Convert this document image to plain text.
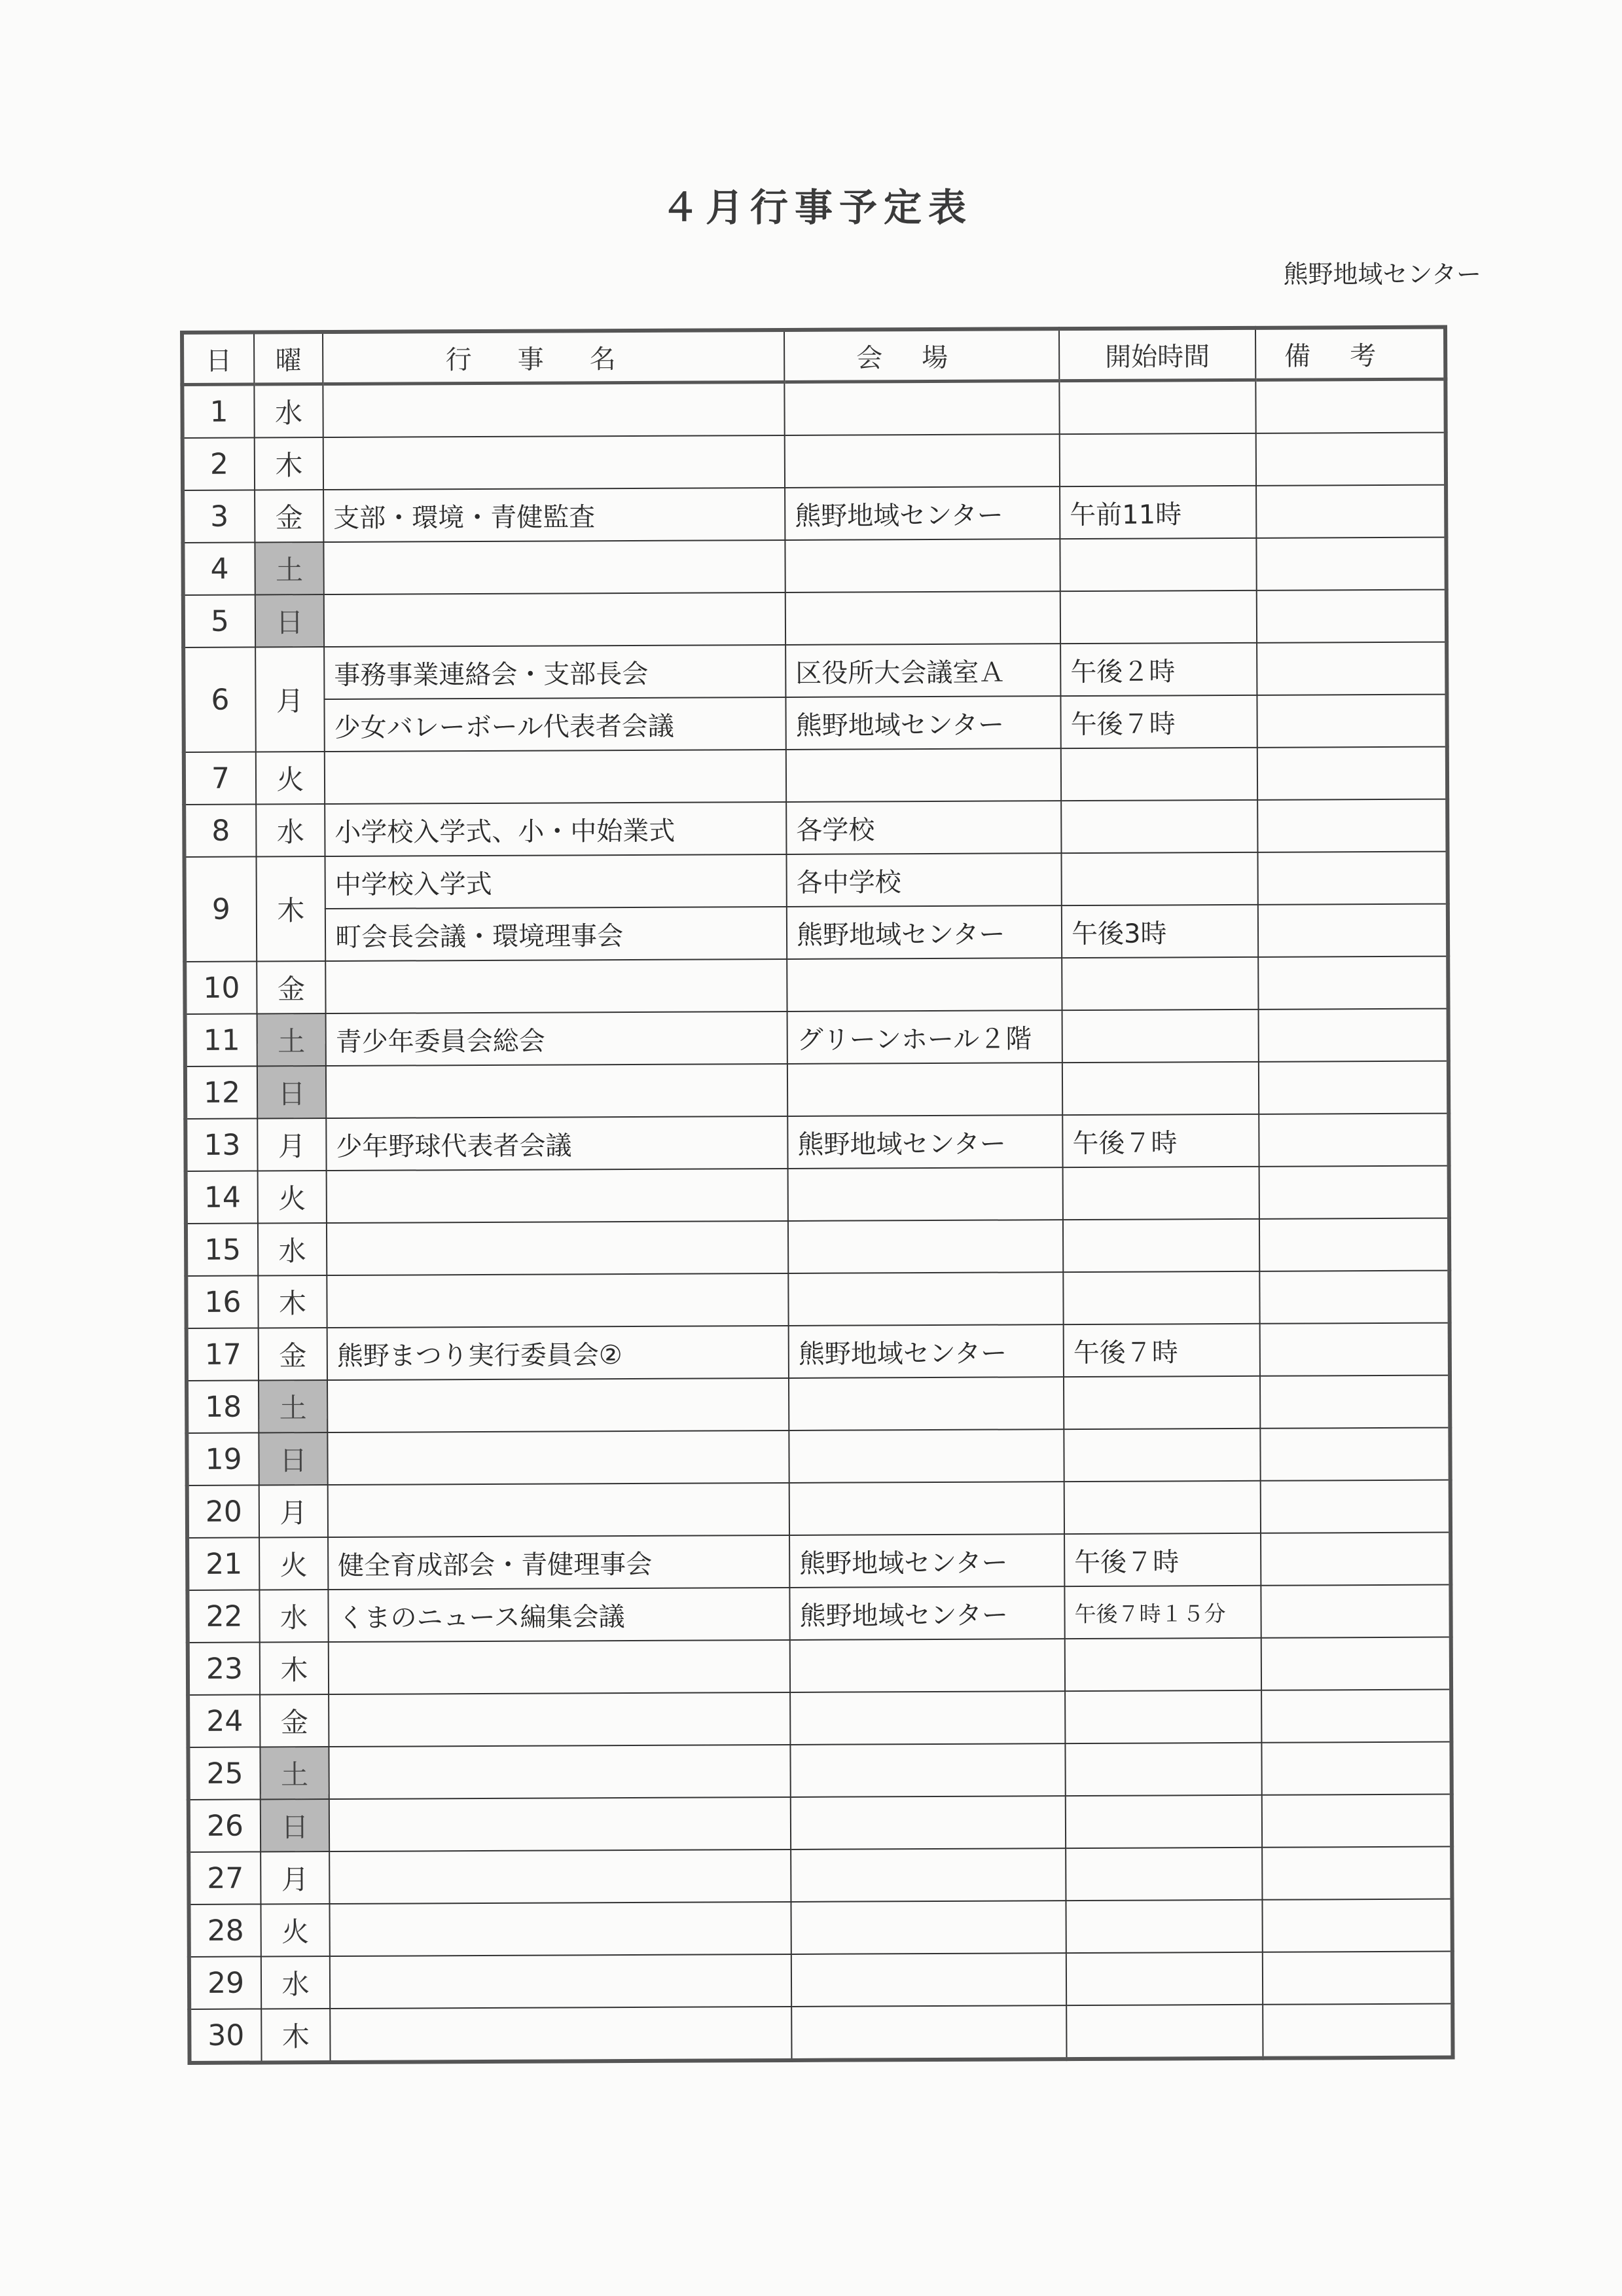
４月行事予定表
熊野地域センター
日	曜	行事名	会場	開始時間	備考
1	水				
2	木				
3	金	支部・環境・青健監査	熊野地域センター	午前11時	
4	土				
5	日				
6	月	事務事業連絡会・支部長会	区役所大会議室Ａ	午後２時	
		少女バレーボール代表者会議	熊野地域センター	午後７時	
7	火				
8	水	小学校入学式、小・中始業式	各学校		
9	木	中学校入学式	各中学校		
		町会長会議・環境理事会	熊野地域センター	午後3時	
10	金				
11	土	青少年委員会総会	グリーンホール２階		
12	日				
13	月	少年野球代表者会議	熊野地域センター	午後７時	
14	火				
15	水				
16	木				
17	金	熊野まつり実行委員会②	熊野地域センター	午後７時	
18	土				
19	日				
20	月				
21	火	健全育成部会・青健理事会	熊野地域センター	午後７時	
22	水	くまのニュース編集会議	熊野地域センター	午後７時１５分	
23	木				
24	金				
25	土				
26	日				
27	月				
28	火				
29	水				
30	木				
